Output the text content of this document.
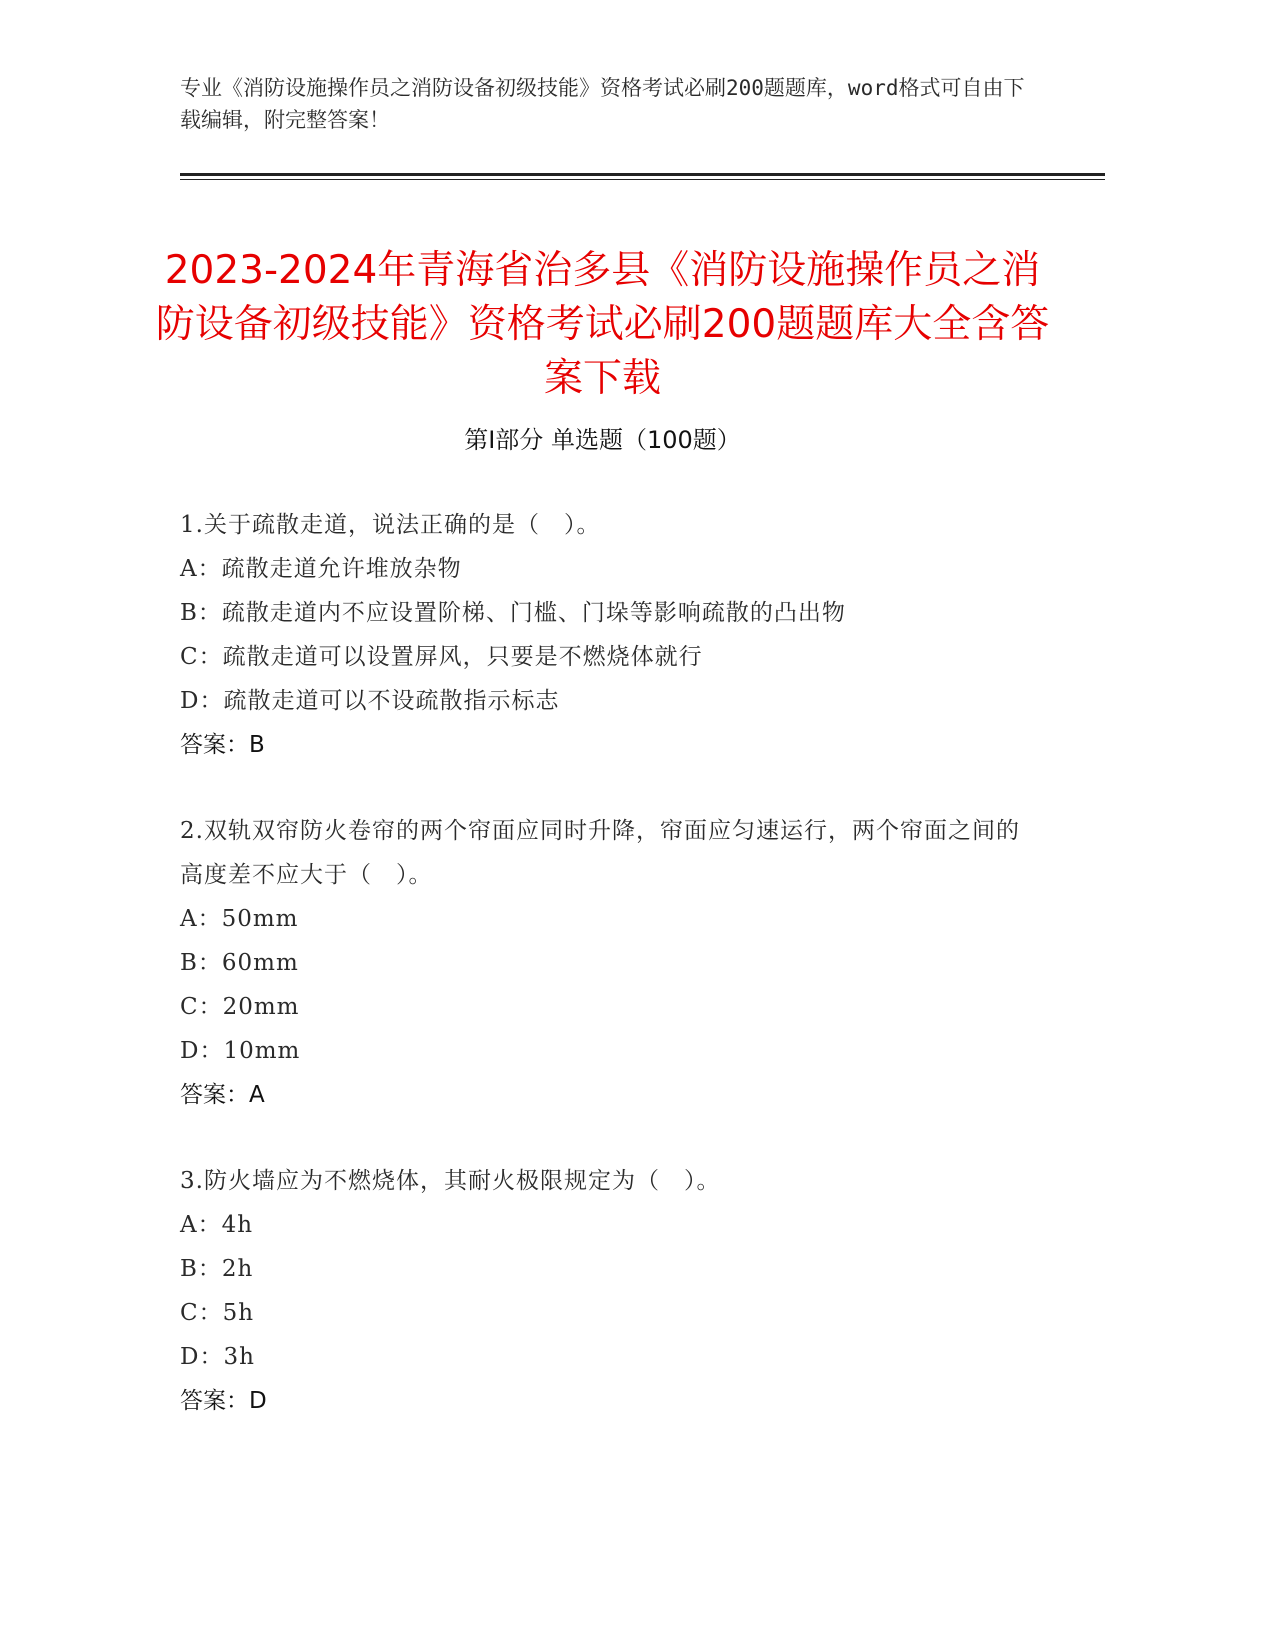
专业《消防设施操作员之消防设备初级技能》资格考试必刷200题题库，word格式可自由下载编辑，附完整答案！
2023-2024年青海省治多县《消防设施操作员之消防设备初级技能》资格考试必刷200题题库大全含答案下载
第Ⅰ部分 单选题（100题）
1.关于疏散走道，说法正确的是（　）。
A：疏散走道允许堆放杂物
B：疏散走道内不应设置阶梯、门槛、门垛等影响疏散的凸出物
C：疏散走道可以设置屏风，只要是不燃烧体就行
D：疏散走道可以不设疏散指示标志
答案：B
2.双轨双帘防火卷帘的两个帘面应同时升降，帘面应匀速运行，两个帘面之间的高度差不应大于（　）。
A：50mm
B：60mm
C：20mm
D：10mm
答案：A
3.防火墙应为不燃烧体，其耐火极限规定为（　）。
A：4h
B：2h
C：5h
D：3h
答案：D
